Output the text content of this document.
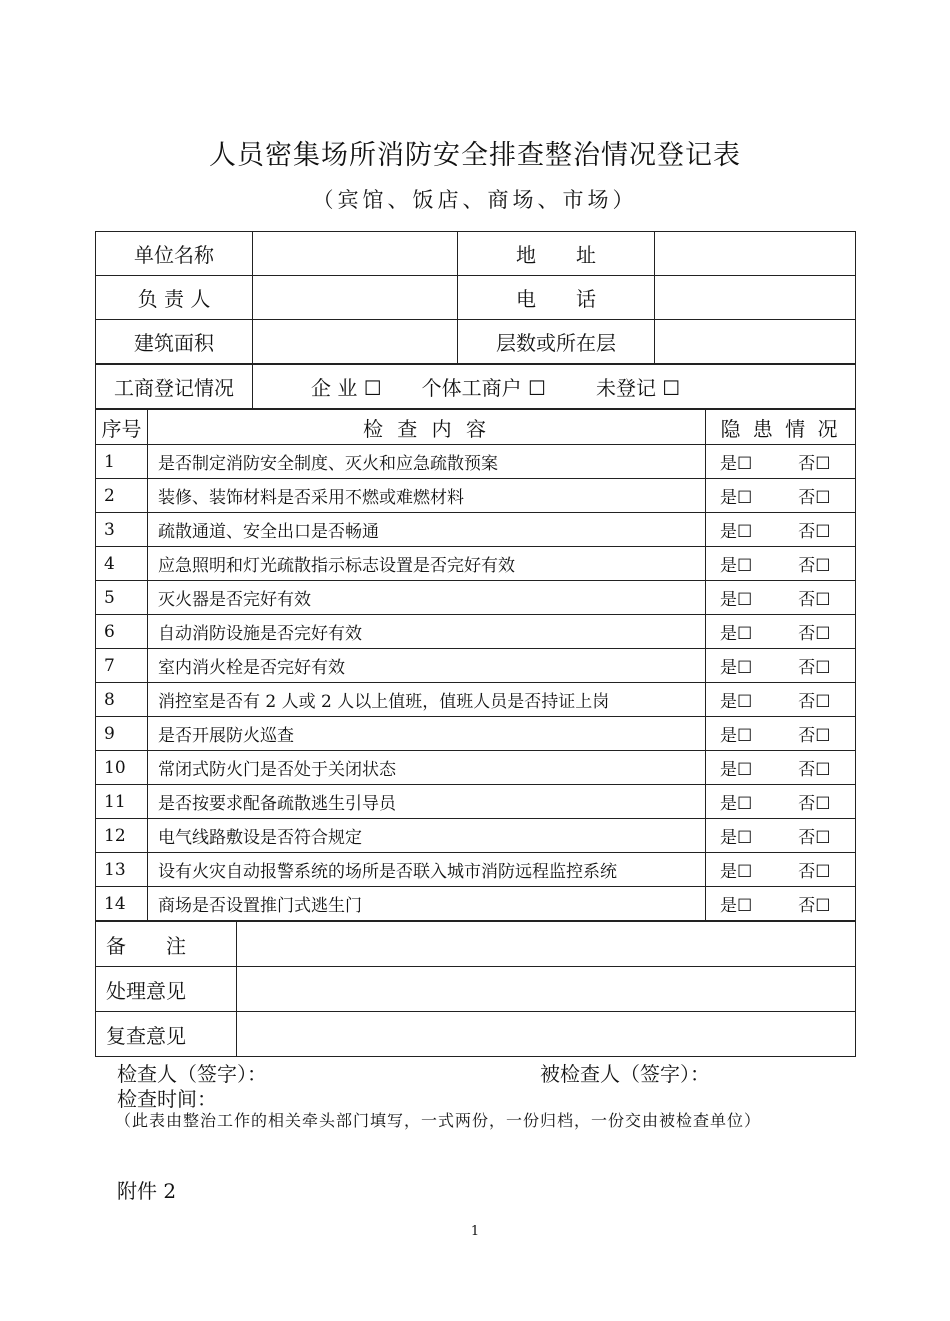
人员密集场所消防安全排查整治情况登记表
（宾馆、饭店、商场、市场）
单位名称		地　　址	
负 责 人		电　　话	
建筑面积		层数或所在层	
工商登记情况	企 业 ☐ 个体工商户 ☐	未登记 ☐
序号	检 查 内 容	隐 患 情 况
1	是否制定消防安全制度、灭火和应急疏散预案	是☐ 否☐
2	装修、装饰材料是否采用不燃或难燃材料	是☐ 否☐
3	疏散通道、安全出口是否畅通	是☐ 否☐
4	应急照明和灯光疏散指示标志设置是否完好有效	是☐ 否☐
5	灭火器是否完好有效	是☐ 否☐
6	自动消防设施是否完好有效	是☐ 否☐
7	室内消火栓是否完好有效	是☐ 否☐
8	消控室是否有 2 人或 2 人以上值班，值班人员是否持证上岗	是☐ 否☐
9	是否开展防火巡查	是☐ 否☐
10	常闭式防火门是否处于关闭状态	是☐ 否☐
11	是否按要求配备疏散逃生引导员	是☐ 否☐
12	电气线路敷设是否符合规定	是☐ 否☐
13	设有火灾自动报警系统的场所是否联入城市消防远程监控系统	是☐ 否☐
14	商场是否设置推门式逃生门	是☐ 否☐
备　　注	
处理意见	
复查意见	
检查人（签字）：	被检查人（签字）：
检查时间：
（此表由整治工作的相关牵头部门填写，一式两份，一份归档，一份交由被检查单位）
附件 2
1
